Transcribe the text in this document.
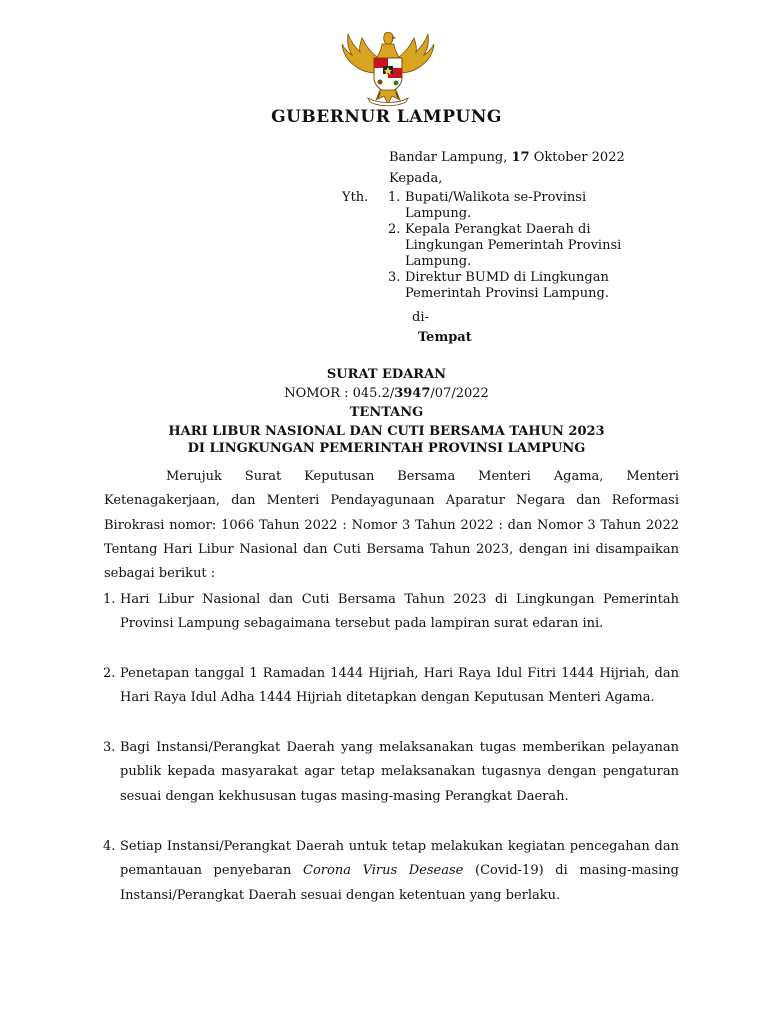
GUBERNUR LAMPUNG
Bandar Lampung, 17 Oktober 2022
Kepada,
Yth. 1. Bupati/Walikota se-Provinsi
Lampung.
2. Kepala Perangkat Daerah di
Lingkungan Pemerintah Provinsi
Lampung.
3. Direktur BUMD di Lingkungan
Pemerintah Provinsi Lampung.
di-
Tempat
SURAT EDARAN
NOMOR : 045.2/3947/07/2022
TENTANG
HARI LIBUR NASIONAL DAN CUTI BERSAMA TAHUN 2023
DI LINGKUNGAN PEMERINTAH PROVINSI LAMPUNG
Merujuk Surat Keputusan Bersama Menteri Agama, Menteri Ketenagakerjaan, dan Menteri Pendayagunaan Aparatur Negara dan Reformasi Birokrasi nomor: 1066 Tahun 2022 : Nomor 3 Tahun 2022 : dan Nomor 3 Tahun 2022 Tentang Hari Libur Nasional dan Cuti Bersama Tahun 2023, dengan ini disampaikan sebagai berikut :
1. Hari Libur Nasional dan Cuti Bersama Tahun 2023 di Lingkungan Pemerintah Provinsi Lampung sebagaimana tersebut pada lampiran surat edaran ini.
2. Penetapan tanggal 1 Ramadan 1444 Hijriah, Hari Raya Idul Fitri 1444 Hijriah, dan Hari Raya Idul Adha 1444 Hijriah ditetapkan dengan Keputusan Menteri Agama.
3. Bagi Instansi/Perangkat Daerah yang melaksanakan tugas memberikan pelayanan publik kepada masyarakat agar tetap melaksanakan tugasnya dengan pengaturan sesuai dengan kekhususan tugas masing-masing Perangkat Daerah.
4. Setiap Instansi/Perangkat Daerah untuk tetap melakukan kegiatan pencegahan dan pemantauan penyebaran Corona Virus Desease (Covid-19) di masing-masing Instansi/Perangkat Daerah sesuai dengan ketentuan yang berlaku.
